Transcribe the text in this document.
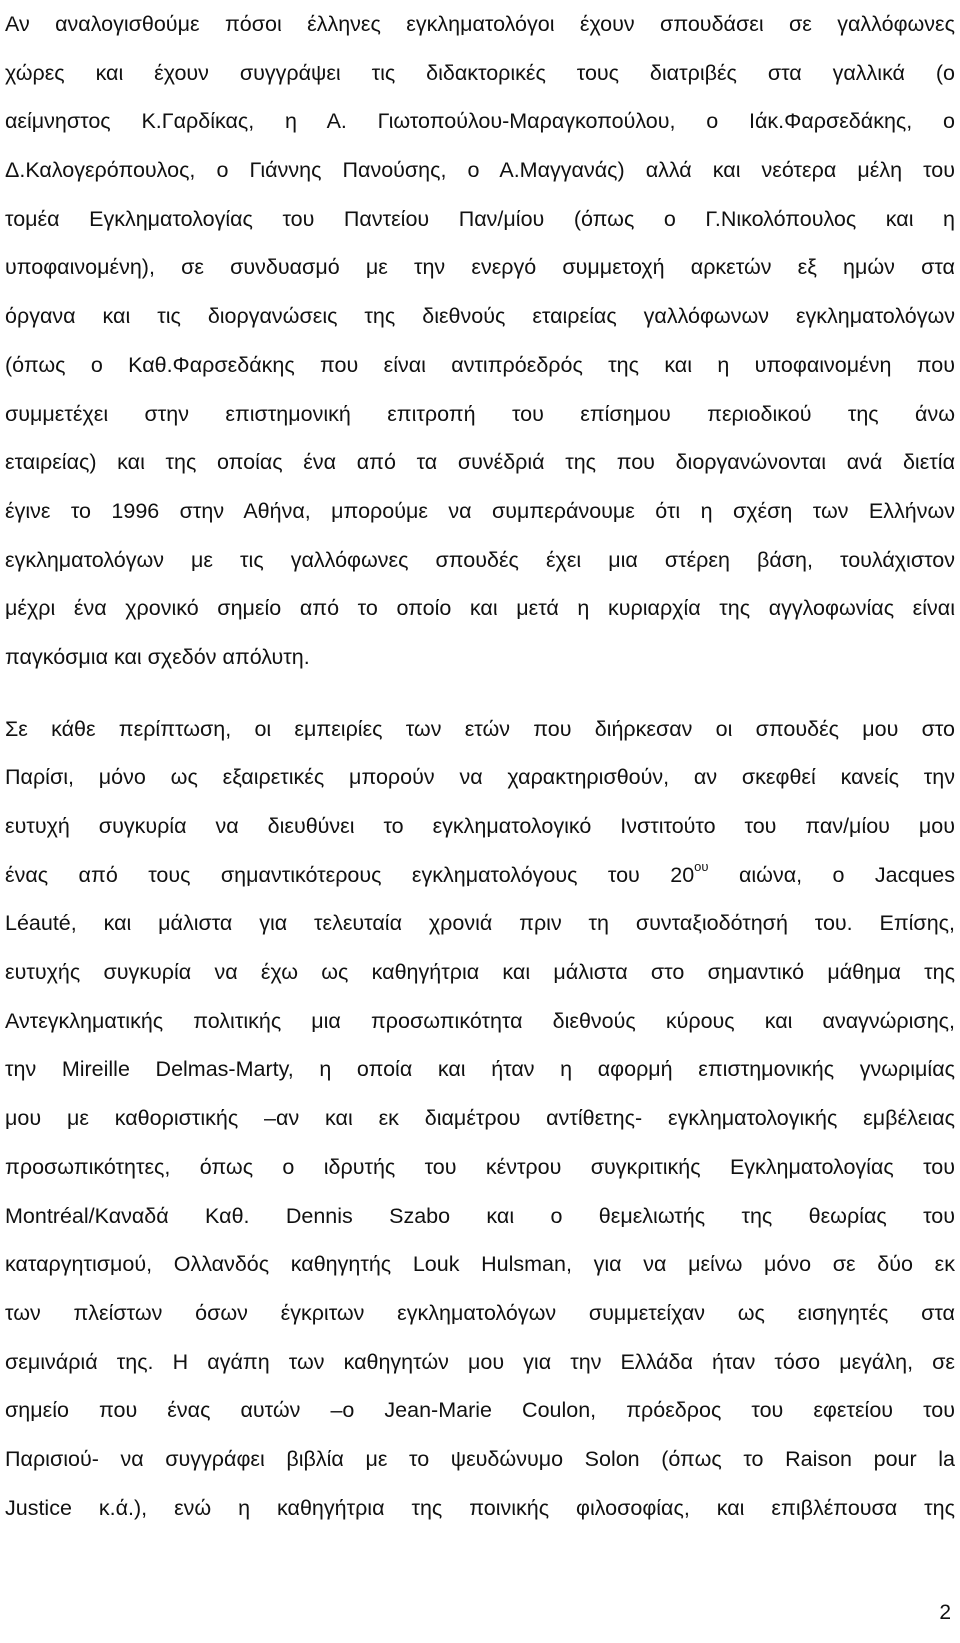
Αν αναλογισθούμε πόσοι έλληνες εγκληματολόγοι έχουν σπουδάσει σε γαλλόφωνες
χώρες και έχουν συγγράψει τις διδακτορικές τους διατριβές στα γαλλικά (ο
αείμνηστος Κ.Γαρδίκας, η Α. Γιωτοπούλου-Μαραγκοπούλου, ο Ιάκ.Φαρσεδάκης, ο
Δ.Καλογερόπουλος, ο Γιάννης Πανούσης, ο Α.Μαγγανάς) αλλά και νεότερα μέλη του
τομέα Εγκληματολογίας του Παντείου Παν/μίου (όπως ο Γ.Νικολόπουλος και η
υποφαινομένη), σε συνδυασμό με την ενεργό συμμετοχή αρκετών εξ ημών στα
όργανα και τις διοργανώσεις της διεθνούς εταιρείας γαλλόφωνων εγκληματολόγων
(όπως ο Καθ.Φαρσεδάκης που είναι αντιπρόεδρός της και η υποφαινομένη που
συμμετέχει στην επιστημονική επιτροπή του επίσημου περιοδικού της άνω
εταιρείας) και της οποίας ένα από τα συνέδριά της που διοργανώνονται ανά διετία
έγινε το 1996 στην Αθήνα, μπορούμε να συμπεράνουμε ότι η σχέση των Ελλήνων
εγκληματολόγων με τις γαλλόφωνες σπουδές έχει μια στέρεη βάση, τουλάχιστον
μέχρι ένα χρονικό σημείο από το οποίο και μετά η κυριαρχία της αγγλοφωνίας είναι
παγκόσμια και σχεδόν απόλυτη.
Σε κάθε περίπτωση, οι εμπειρίες των ετών που διήρκεσαν οι σπουδές μου στο
Παρίσι, μόνο ως εξαιρετικές μπορούν να χαρακτηρισθούν, αν σκεφθεί κανείς την
ευτυχή συγκυρία να διευθύνει το εγκληματολογικό Ινστιτούτο του παν/μίου μου
ένας από τους σημαντικότερους εγκληματολόγους του $20^{o\upsilon}$ αιώνα, ο Jacques
Léauté, και μάλιστα για τελευταία χρονιά πριν τη συνταξιοδότησή του. Επίσης,
ευτυχής συγκυρία να έχω ως καθηγήτρια και μάλιστα στο σημαντικό μάθημα της
Αντεγκληματικής πολιτικής μια προσωπικότητα διεθνούς κύρους και αναγνώρισης,
την Mireille Delmas-Marty, η οποία και ήταν η αφορμή επιστημονικής γνωριμίας
μου με καθοριστικής –αν και εκ διαμέτρου αντίθετης- εγκληματολογικής εμβέλειας
προσωπικότητες, όπως ο ιδρυτής του κέντρου συγκριτικής Εγκληματολογίας του
Montréal/Καναδά Καθ. Dennis Szabo και ο θεμελιωτής της θεωρίας του
καταργητισμού, Ολλανδός καθηγητής Louk Hulsman, για να μείνω μόνο σε δύο εκ
των πλείστων όσων έγκριτων εγκληματολόγων συμμετείχαν ως εισηγητές στα
σεμινάριά της. Η αγάπη των καθηγητών μου για την Ελλάδα ήταν τόσο μεγάλη, σε
σημείο που ένας αυτών –ο Jean-Marie Coulon, πρόεδρος του εφετείου του
Παρισιού- να συγγράφει βιβλία με το ψευδώνυμο Solon (όπως το Raison pour la
Justice κ.ά.), ενώ η καθηγήτρια της ποινικής φιλοσοφίας, και επιβλέπουσα της
2
